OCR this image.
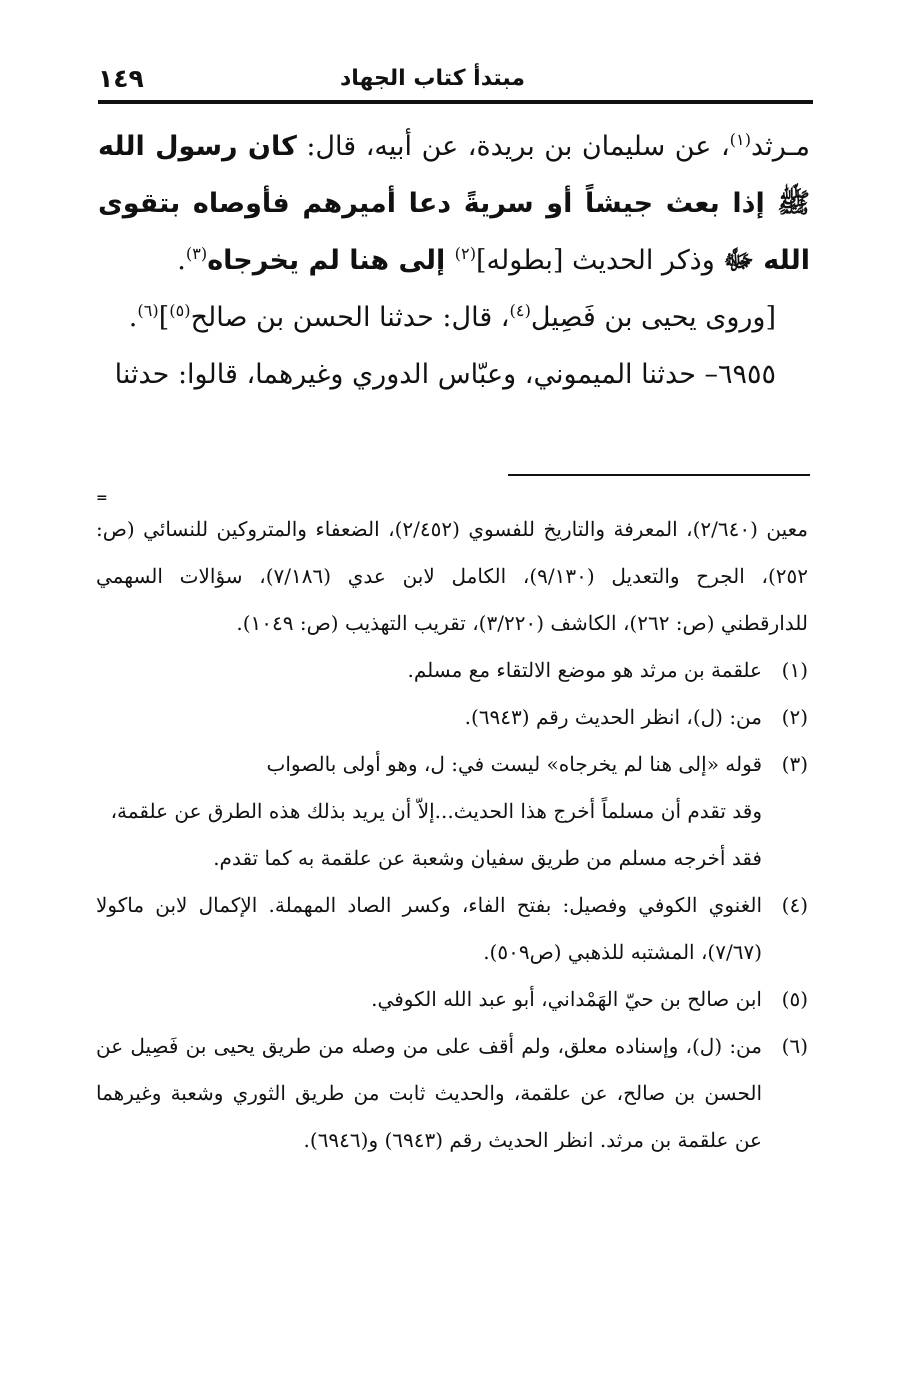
مبتدأ كتاب الجهاد
١٤٩

مـرثد$^{(١)}$، عن سليمان بن بريدة، عن أبيه، قال: كان رسول الله ﷺ إذا بعث جيشاً أو سريةً دعا أميرهم فأوصاه بتقوى الله ﷻ وذكر الحديث [بطوله]$^{(٢)}$ إلى هنا لم يخرجاه$^{(٣)}$.

[وروى يحيى بن فَصِيل$^{(٤)}$، قال: حدثنا الحسن بن صالح$^{(٥)}$]$^{(٦)}$.

٦٩٥٥– حدثنا الميموني، وعبّاس الدوري وغيرهما، قالوا: حدثنا

=

معين (٢/٦٤٠)، المعرفة والتاريخ للفسوي (٢/٤٥٢)، الضعفاء والمتروكين للنسائي (ص: ٢٥٢)، الجرح والتعديل (٩/١٣٠)، الكامل لابن عدي (٧/١٨٦)، سؤالات السهمي للدارقطني (ص: ٢٦٢)، الكاشف (٣/٢٢٠)، تقريب التهذيب (ص: ١٠٤٩).

(١)علقمة بن مرثد هو موضع الالتقاء مع مسلم.

(٢)من: (ل)، انظر الحديث رقم (٦٩٤٣).

(٣)قوله «إلى هنا لم يخرجاه» ليست في: ل، وهو أولى بالصواب

وقد تقدم أن مسلماً أخرج هذا الحديث...إلاّ أن يريد بذلك هذه الطرق عن علقمة،

فقد أخرجه مسلم من طريق سفيان وشعبة عن علقمة به كما تقدم.

(٤)الغنوي الكوفي وفصيل: بفتح الفاء، وكسر الصاد المهملة. الإكمال لابن ماكولا (٧/٦٧)، المشتبه للذهبي (ص٥٠٩).

(٥)ابن صالح بن حيّ الهَمْداني، أبو عبد الله الكوفي.

(٦)من: (ل)، وإسناده معلق، ولم أقف على من وصله من طريق يحيى بن فَصِيل عن الحسن بن صالح، عن علقمة، والحديث ثابت من طريق الثوري وشعبة وغيرهما عن علقمة بن مرثد. انظر الحديث رقم (٦٩٤٣) و(٦٩٤٦).
